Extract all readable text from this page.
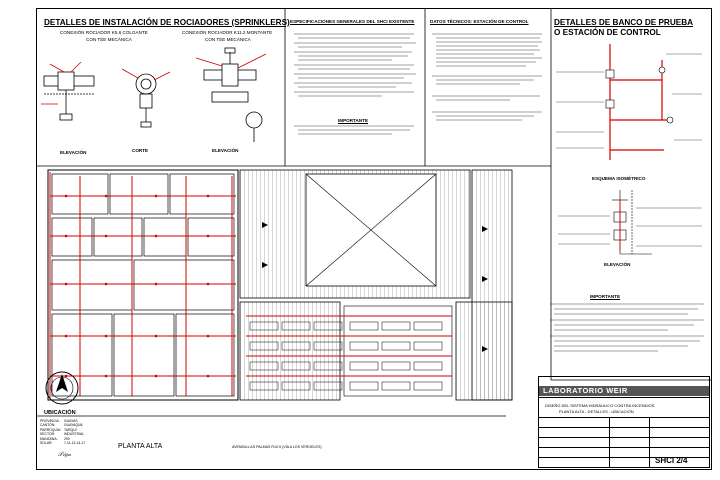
DETALLES DE INSTALACIÓN DE ROCIADORES (SPRINKLERS)
CONEXIÓN ROCIADOR K5.6 COLGANTE
CON TEE MECÁNICA
CONEXIÓN ROCIADOR K11.2 MONTANTE
CON TEE MECÁNICA
ELEVACIÓN	CORTE	ELEVACIÓN
ESPECIFICACIONES GENERALES DEL SHCI EXISTENTE
IMPORTANTE
DATOS TÉCNICOS: ESTACIÓN DE CONTROL	DETALLES DE BANCO DE PRUEBA
O ESTACIÓN DE CONTROL
ESQUEMA ISOMÉTRICO
ELEVACIÓN
IMPORTANTE
PLANTA ALTA	AVENIDA LAS PALMAS R10.5 (VÍA A LOS VERGELES)
UBICACIÓN
PROVINCIA: GUAYAS
CANTÓN:	GUAYAQUIL
PARROQUIA: TARQUI
SECTOR:	INDUSTRIAL
MANZANA: 290
SOLAR:	7-11-13-14-17
𝒮𝒾𝑔𝓃
LABORATORIO WEIR
DISEÑO DEL SISTEMA HIDRÁULICO CONTRA INCENDIOS
PLANTA ALTA - DETALLES - UBICACIÓN
SHCI 2/4
